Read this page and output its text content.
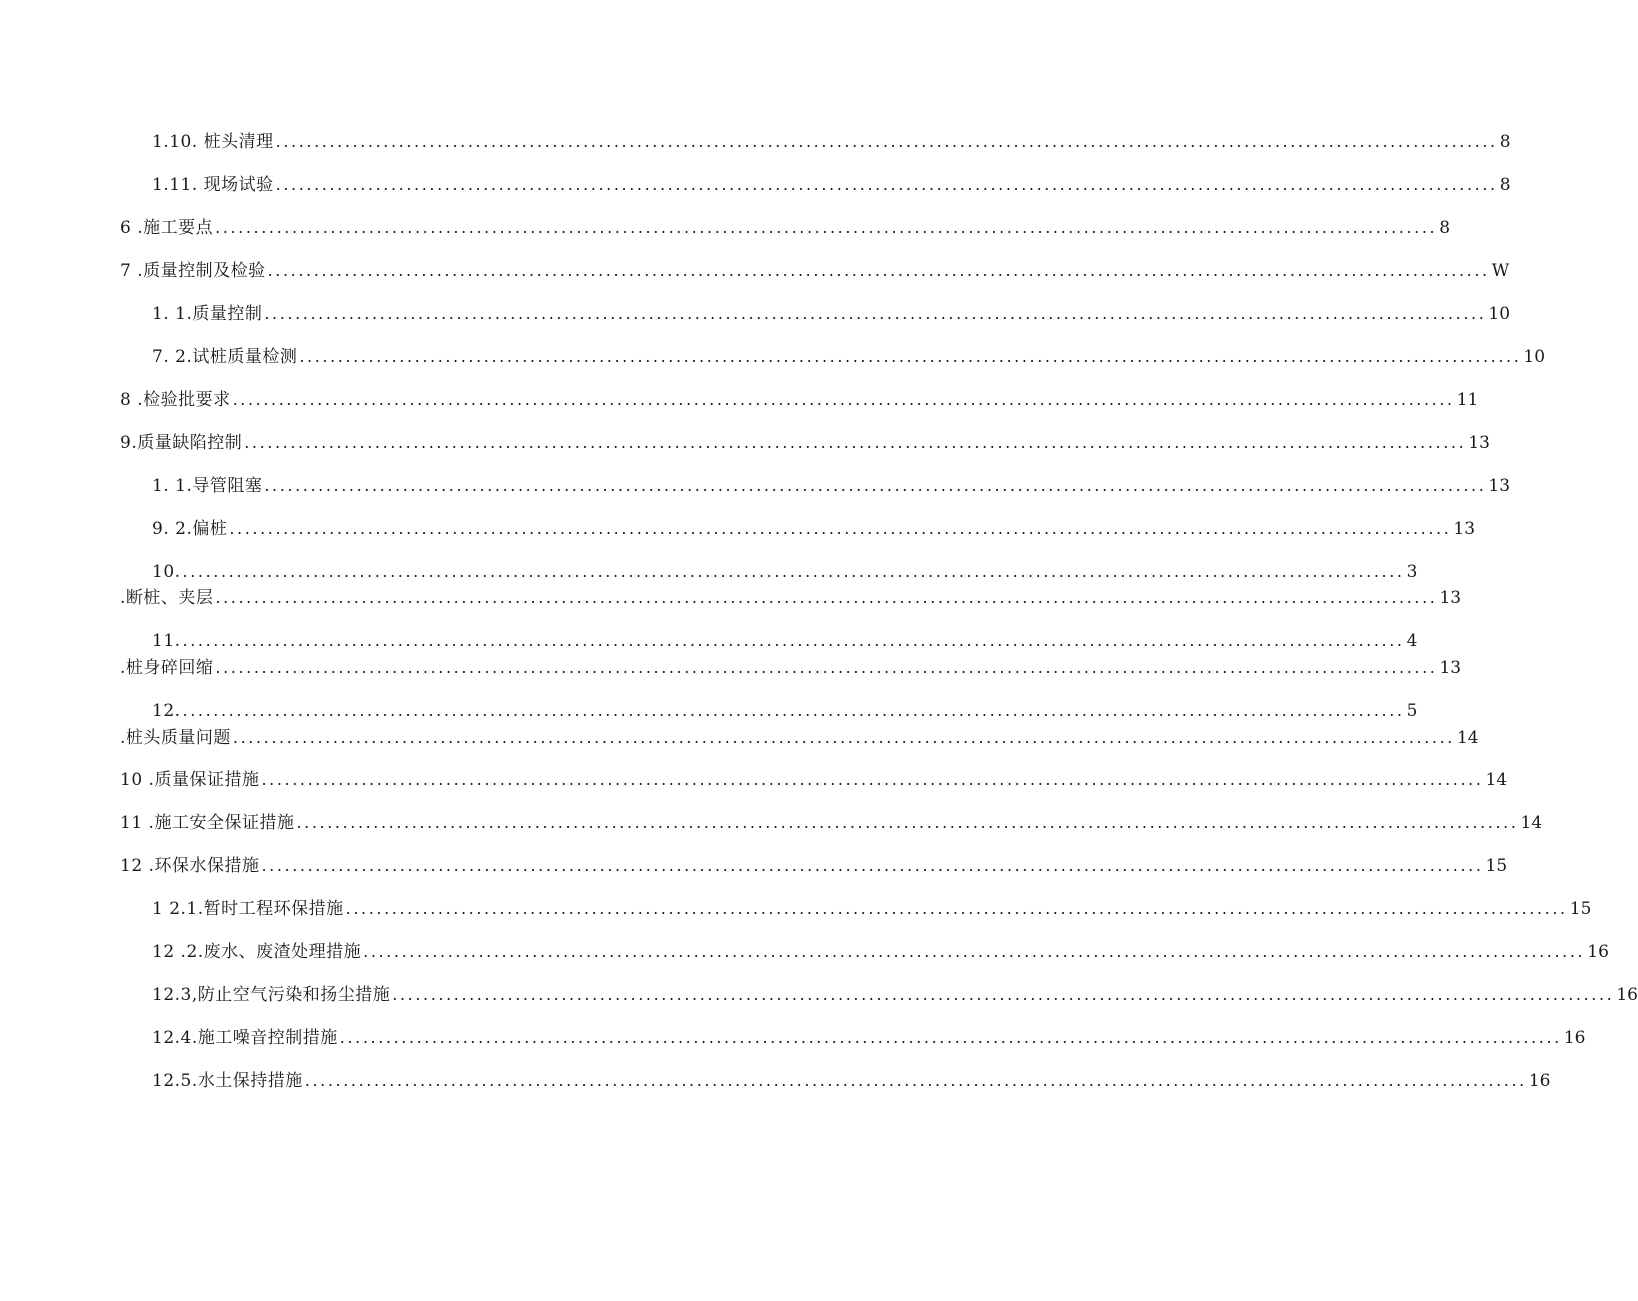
1.10. 桩头清理 ............................................................................................................................................................... 8
1.11. 现场试验 ............................................................................................................................................................... 8
6 .施工要点 ............................................................................................................................................................... 8
7 .质量控制及检验 ............................................................................................................................................................... W
1. 1.质量控制 ............................................................................................................................................................... 10
7. 2.试桩质量检测 ............................................................................................................................................................... 10
8 .检验批要求 ............................................................................................................................................................... 11
9.质量缺陷控制 ............................................................................................................................................................... 13
1. 1.导管阻塞 ............................................................................................................................................................... 13
9. 2.偏桩 ............................................................................................................................................................... 13
10. ............................................................................................................................................................... 3
.断桩、夹层 ............................................................................................................................................................... 13
11. ............................................................................................................................................................... 4
.桩身碎回缩 ............................................................................................................................................................... 13
12. ............................................................................................................................................................... 5
.桩头质量问题 ............................................................................................................................................................... 14
10 .质量保证措施 ............................................................................................................................................................... 14
11 .施工安全保证措施 ............................................................................................................................................................... 14
12 .环保水保措施 ............................................................................................................................................................... 15
1 2.1.暂时工程环保措施 ............................................................................................................................................................... 15
12 .2.废水、废渣处理措施 ............................................................................................................................................................... 16
12.3,防止空气污染和扬尘措施 ............................................................................................................................................................... 16
12.4.施工噪音控制措施 ............................................................................................................................................................... 16
12.5.水土保持措施 ............................................................................................................................................................... 16
